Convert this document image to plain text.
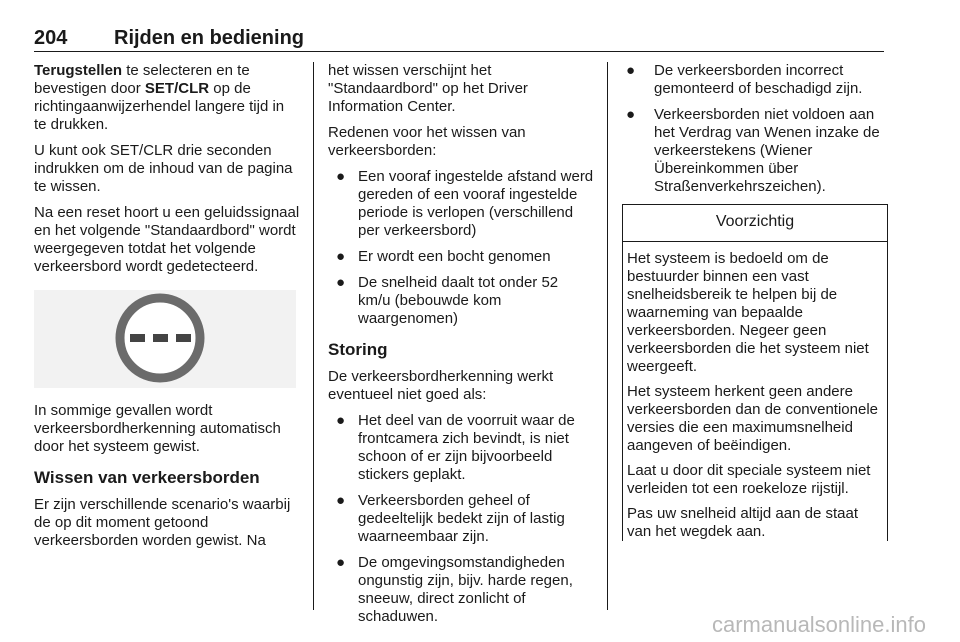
204 Rijden en bediening

Terugstellen te selecteren en te bevestigen door SET/CLR op de richtingaanwijzerhendel langere tijd in te drukken.

U kunt ook SET/CLR drie seconden indrukken om de inhoud van de pagina te wissen.

Na een reset hoort u een geluidssignaal en het volgende "Standaardbord" wordt weergegeven totdat het volgende verkeersbord wordt gedetecteerd.

In sommige gevallen wordt verkeersbordherkenning automatisch door het systeem gewist.

Wissen van verkeersborden

Er zijn verschillende scenario's waarbij de op dit moment getoond verkeersborden worden gewist. Na

het wissen verschijnt het "Standaardbord" op het Driver Information Center.

Redenen voor het wissen van verkeersborden:

● Een vooraf ingestelde afstand werd gereden of een vooraf ingestelde periode is verlopen (verschillend per verkeersbord)
● Er wordt een bocht genomen
● De snelheid daalt tot onder 52 km/u (bebouwde kom waargenomen)
Storing

De verkeersbordherkenning werkt eventueel niet goed als:

● Het deel van de voorruit waar de frontcamera zich bevindt, is niet schoon of er zijn bijvoorbeeld stickers geplakt.
● Verkeersborden geheel of gedeeltelijk bedekt zijn of lastig waarneembaar zijn.
● De omgevingsomstandigheden ongunstig zijn, bijv. harde regen, sneeuw, direct zonlicht of schaduwen.
● De verkeersborden incorrect gemonteerd of beschadigd zijn.
● Verkeersborden niet voldoen aan het Verdrag van Wenen inzake de verkeerstekens (Wiener Übereinkommen über Straßenverkehrszeichen).
Voorzichtig

Het systeem is bedoeld om de bestuurder binnen een vast snelheidsbereik te helpen bij de waarneming van bepaalde verkeersborden. Negeer geen verkeersborden die het systeem niet weergeeft.

Het systeem herkent geen andere verkeersborden dan de conventionele versies die een maximumsnelheid aangeven of beëindigen.

Laat u door dit speciale systeem niet verleiden tot een roekeloze rijstijl.

Pas uw snelheid altijd aan de staat van het wegdek aan.

carmanualsonline.info
